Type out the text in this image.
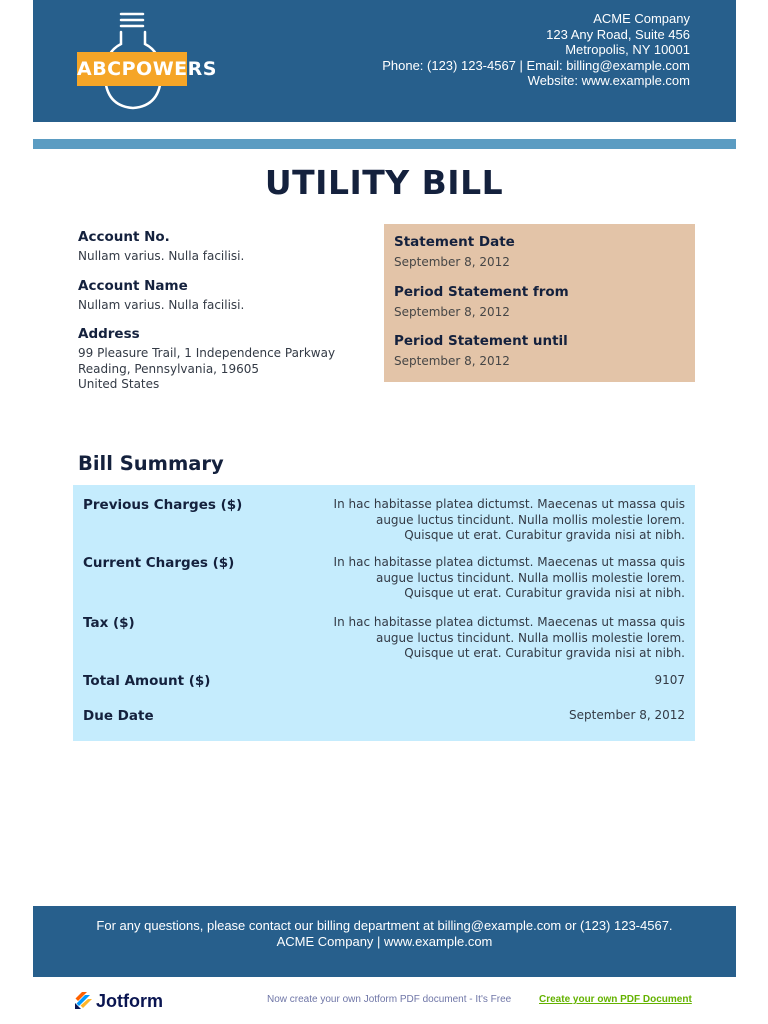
ABCPOWERS
ACME Company
123 Any Road, Suite 456
Metropolis, NY 10001
Phone: (123) 123-4567 | Email: billing@example.com
Website: www.example.com
UTILITY BILL
Account No.
Nullam varius. Nulla facilisi.
Account Name
Nullam varius. Nulla facilisi.
Address
99 Pleasure Trail, 1 Independence Parkway
Reading, Pennsylvania, 19605
United States
Statement Date
September 8, 2012
Period Statement from
September 8, 2012
Period Statement until
September 8, 2012
Bill Summary
Previous Charges ($)	In hac habitasse platea dictumst. Maecenas ut massa quis
augue luctus tincidunt. Nulla mollis molestie lorem.
Quisque ut erat. Curabitur gravida nisi at nibh.
Current Charges ($)	In hac habitasse platea dictumst. Maecenas ut massa quis
augue luctus tincidunt. Nulla mollis molestie lorem.
Quisque ut erat. Curabitur gravida nisi at nibh.
Tax ($)	In hac habitasse platea dictumst. Maecenas ut massa quis
augue luctus tincidunt. Nulla mollis molestie lorem.
Quisque ut erat. Curabitur gravida nisi at nibh.
Total Amount ($)	9107
Due Date	September 8, 2012
For any questions, please contact our billing department at billing@example.com or (123) 123-4567.
ACME Company | www.example.com
Jotform	Now create your own Jotform PDF document - It's Free	Create your own PDF Document
